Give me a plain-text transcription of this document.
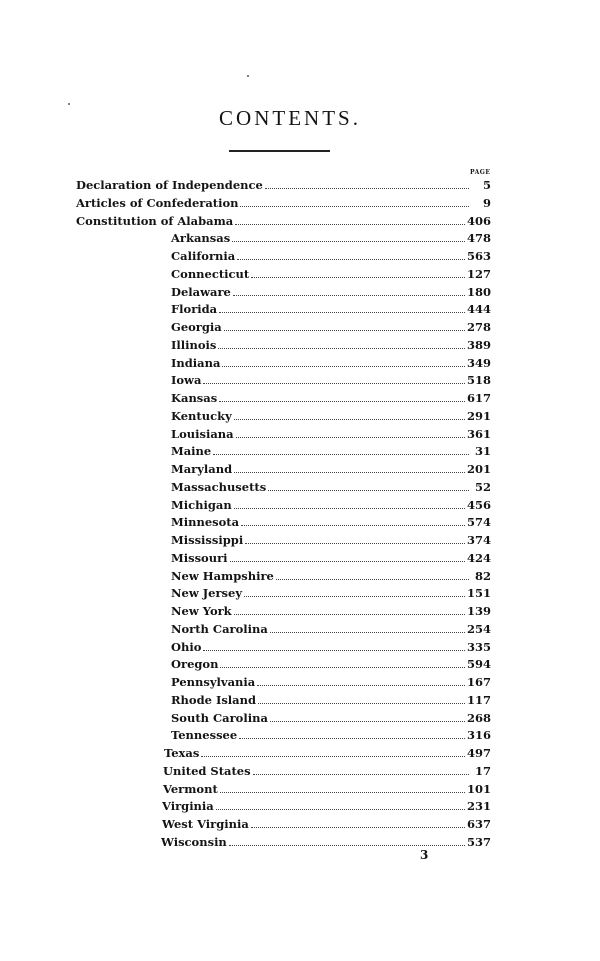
CONTENTS.
PAGE
Declaration of Independence	5
Articles of Confederation	9
Constitution of Alabama	406
Arkansas	478
California	563
Connecticut	127
Delaware	180
Florida	444
Georgia	278
Illinois	389
Indiana	349
Iowa	518
Kansas	617
Kentucky	291
Louisiana	361
Maine	31
Maryland	201
Massachusetts	52
Michigan	456
Minnesota	574
Mississippi	374
Missouri	424
New Hampshire	82
New Jersey	151
New York	139
North Carolina	254
Ohio	335
Oregon	594
Pennsylvania	167
Rhode Island	117
South Carolina	268
Tennessee	316
Texas	497
United States	17
Vermont	101
Virginia	231
West Virginia	637
Wisconsin	537
3
